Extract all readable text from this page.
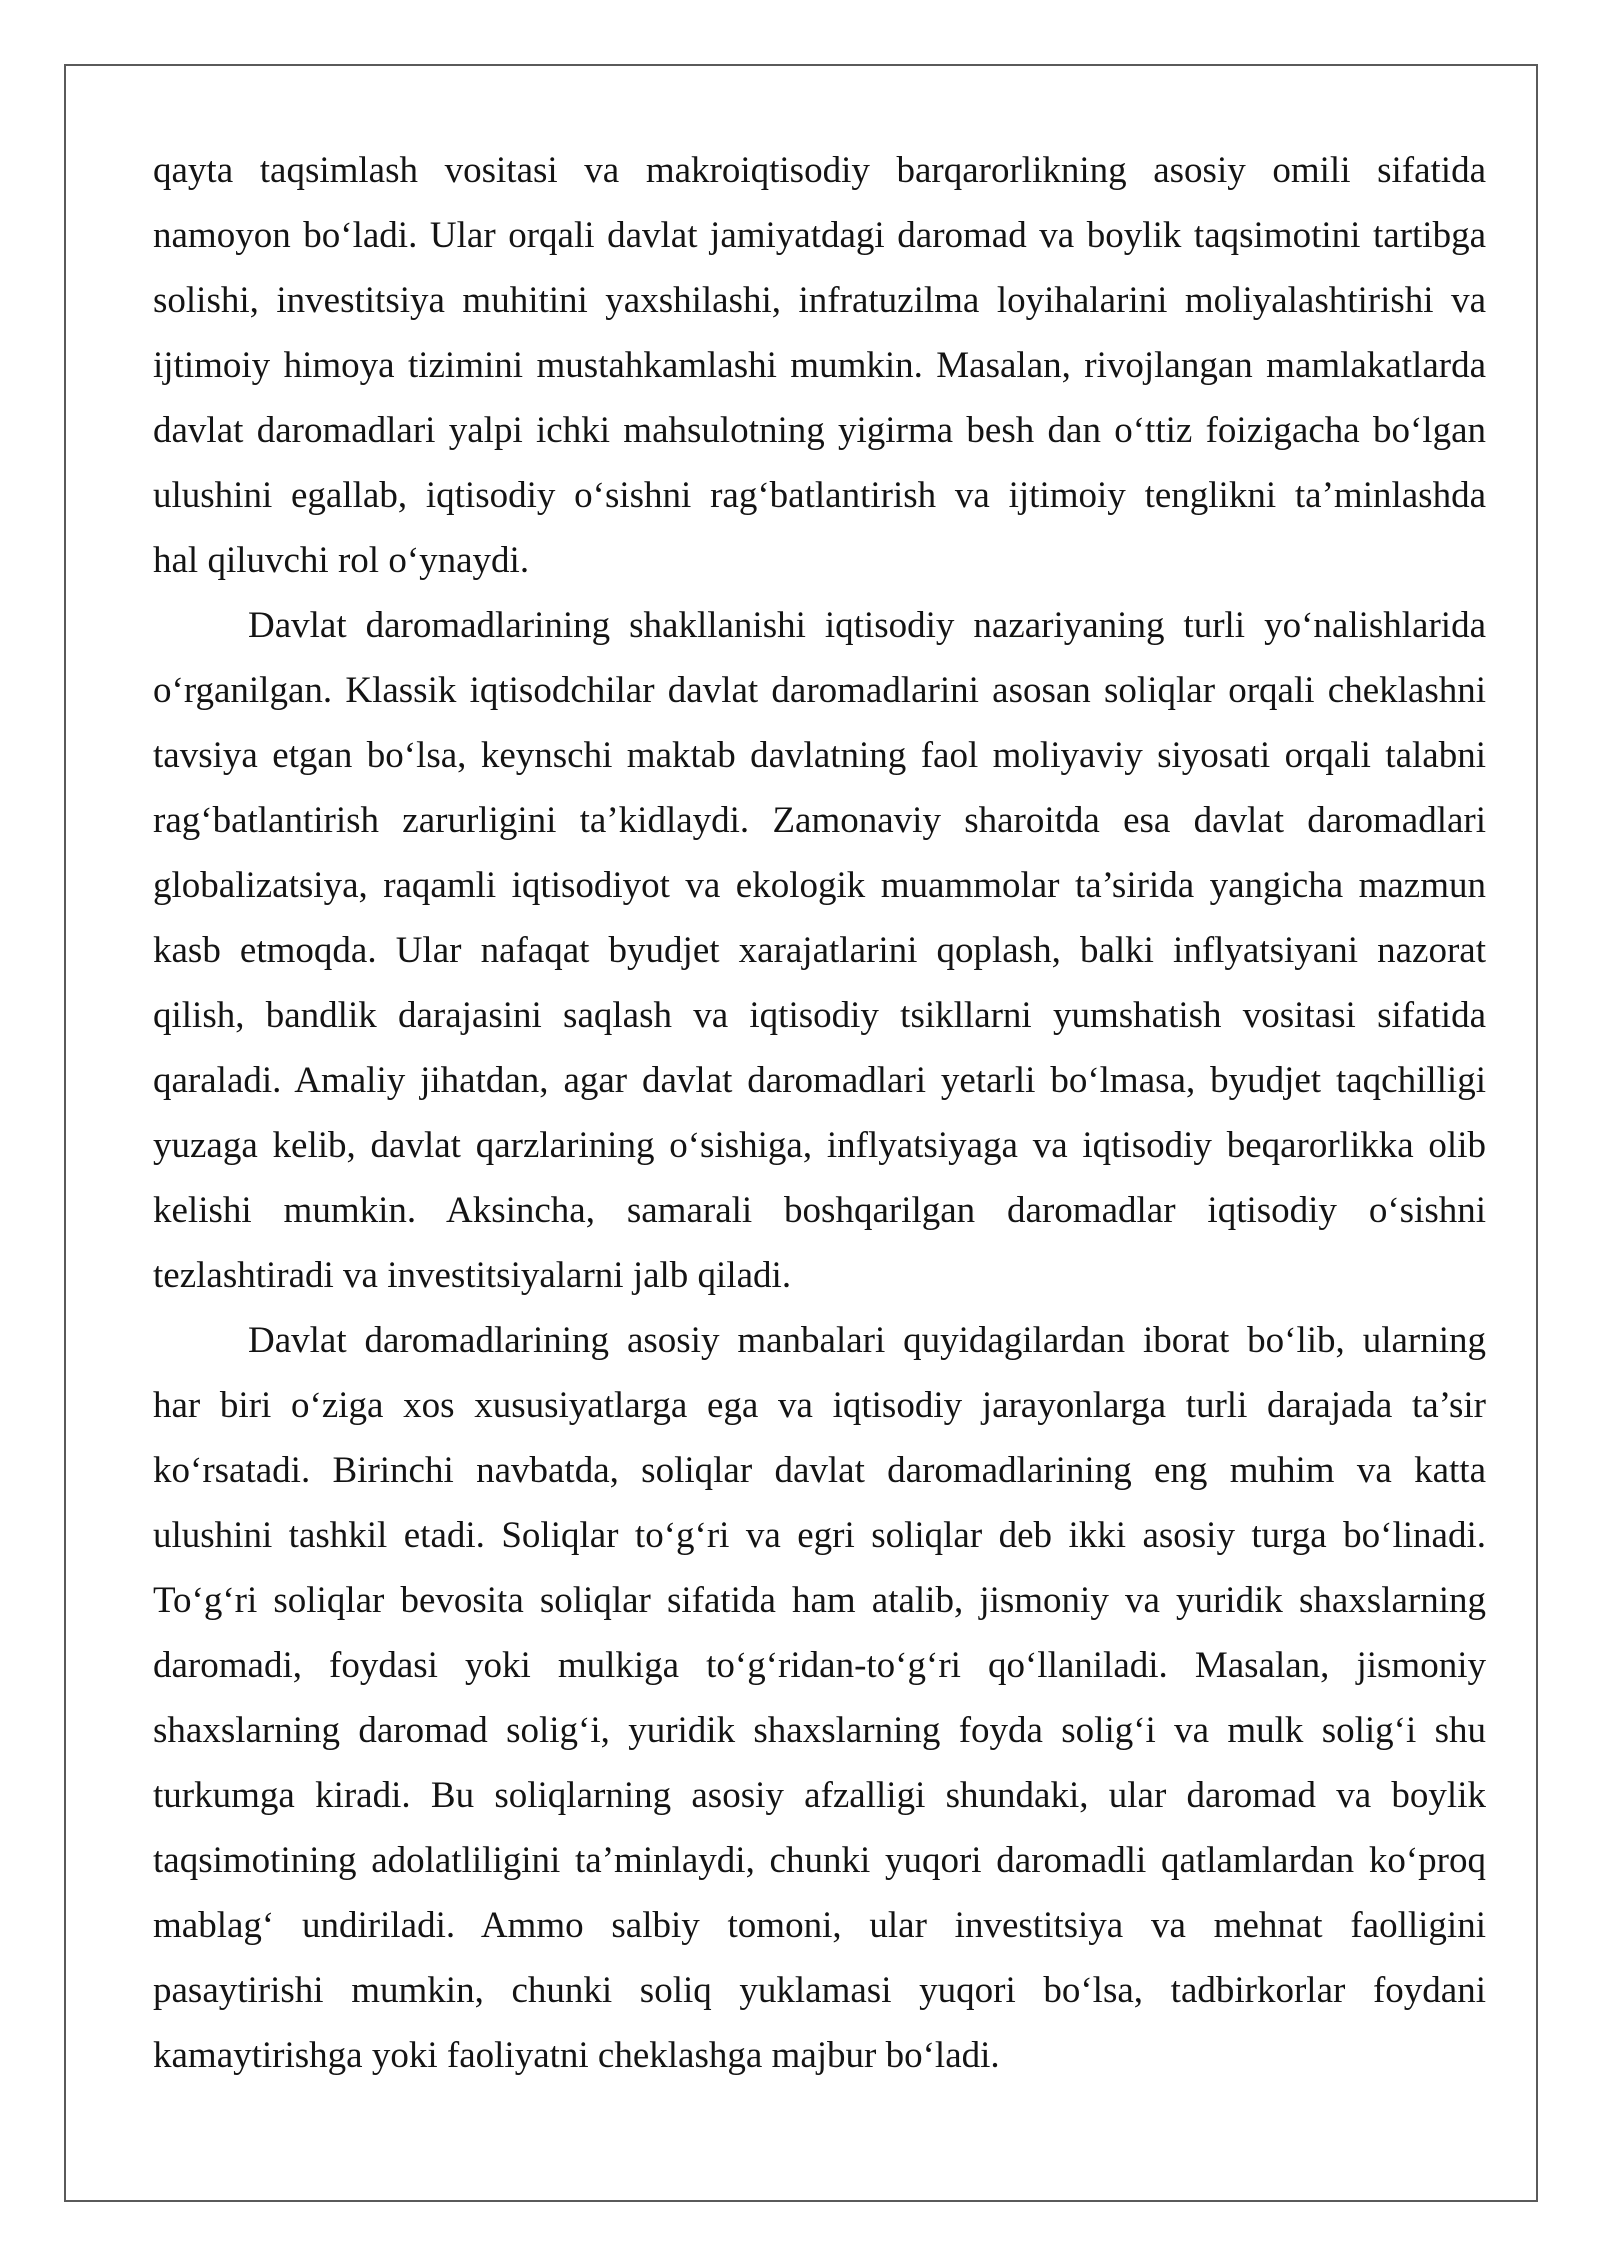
qayta taqsimlash vositasi va makroiqtisodiy barqarorlikning asosiy omili sifatida
namoyon bo‘ladi. Ular orqali davlat jamiyatdagi daromad va boylik taqsimotini tartibga
solishi, investitsiya muhitini yaxshilashi, infratuzilma loyihalarini moliyalashtirishi va
ijtimoiy himoya tizimini mustahkamlashi mumkin. Masalan, rivojlangan mamlakatlarda
davlat daromadlari yalpi ichki mahsulotning yigirma besh dan o‘ttiz foizigacha bo‘lgan
ulushini egallab, iqtisodiy o‘sishni rag‘batlantirish va ijtimoiy tenglikni ta’minlashda
hal qiluvchi rol o‘ynaydi.
Davlat daromadlarining shakllanishi iqtisodiy nazariyaning turli yo‘nalishlarida
o‘rganilgan. Klassik iqtisodchilar davlat daromadlarini asosan soliqlar orqali cheklashni
tavsiya etgan bo‘lsa, keynschi maktab davlatning faol moliyaviy siyosati orqali talabni
rag‘batlantirish zarurligini ta’kidlaydi. Zamonaviy sharoitda esa davlat daromadlari
globalizatsiya, raqamli iqtisodiyot va ekologik muammolar ta’sirida yangicha mazmun
kasb etmoqda. Ular nafaqat byudjet xarajatlarini qoplash, balki inflyatsiyani nazorat
qilish, bandlik darajasini saqlash va iqtisodiy tsikllarni yumshatish vositasi sifatida
qaraladi. Amaliy jihatdan, agar davlat daromadlari yetarli bo‘lmasa, byudjet taqchilligi
yuzaga kelib, davlat qarzlarining o‘sishiga, inflyatsiyaga va iqtisodiy beqarorlikka olib
kelishi mumkin. Aksincha, samarali boshqarilgan daromadlar iqtisodiy o‘sishni
tezlashtiradi va investitsiyalarni jalb qiladi.
Davlat daromadlarining asosiy manbalari quyidagilardan iborat bo‘lib, ularning
har biri o‘ziga xos xususiyatlarga ega va iqtisodiy jarayonlarga turli darajada ta’sir
ko‘rsatadi. Birinchi navbatda, soliqlar davlat daromadlarining eng muhim va katta
ulushini tashkil etadi. Soliqlar to‘g‘ri va egri soliqlar deb ikki asosiy turga bo‘linadi.
To‘g‘ri soliqlar bevosita soliqlar sifatida ham atalib, jismoniy va yuridik shaxslarning
daromadi, foydasi yoki mulkiga to‘g‘ridan-to‘g‘ri qo‘llaniladi. Masalan, jismoniy
shaxslarning daromad solig‘i, yuridik shaxslarning foyda solig‘i va mulk solig‘i shu
turkumga kiradi. Bu soliqlarning asosiy afzalligi shundaki, ular daromad va boylik
taqsimotining adolatliligini ta’minlaydi, chunki yuqori daromadli qatlamlardan ko‘proq
mablag‘ undiriladi. Ammo salbiy tomoni, ular investitsiya va mehnat faolligini
pasaytirishi mumkin, chunki soliq yuklamasi yuqori bo‘lsa, tadbirkorlar foydani
kamaytirishga yoki faoliyatni cheklashga majbur bo‘ladi.
